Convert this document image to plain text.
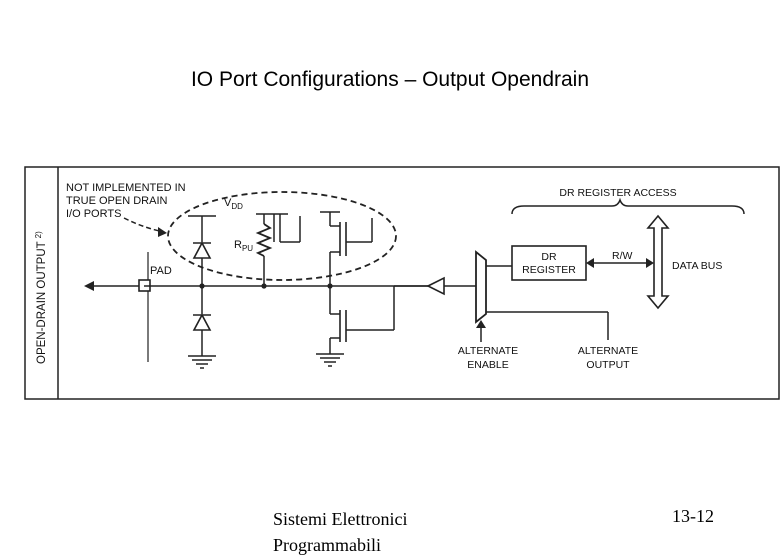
IO Port Configurations – Output Opendrain
OPEN-DRAIN OUTPUT$^{2)}$
NOT IMPLEMENTED IN
TRUE OPEN DRAIN
I/O PORTS
$V_{DD}$
$R_{PU}$
PAD
DR
REGISTER
R/W
DATA BUS
DR REGISTER ACCESS
ALTERNATE
ENABLE
ALTERNATE
OUTPUT
Sistemi Elettronici Programmabili
13-12
